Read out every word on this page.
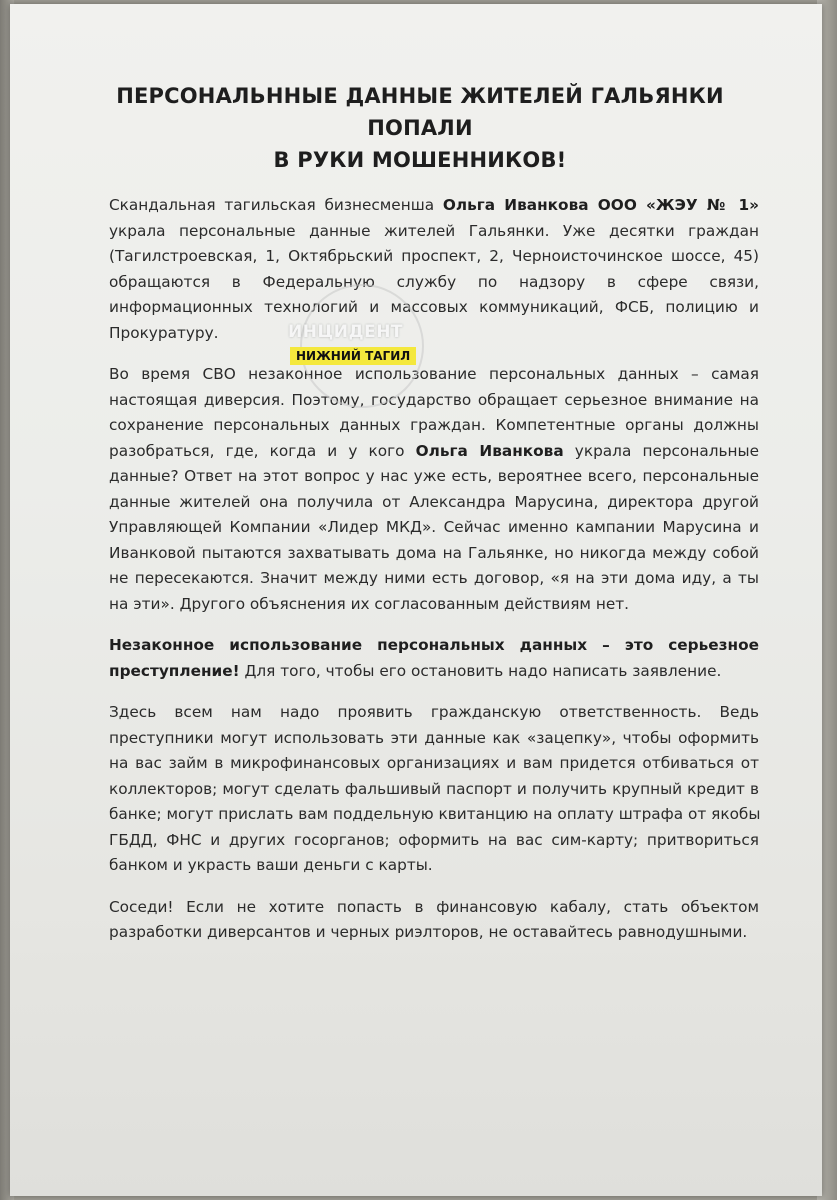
ПЕРСОНАЛЬННЫЕ ДАННЫЕ ЖИТЕЛЕЙ ГАЛЬЯНКИ ПОПАЛИ
В РУКИ МОШЕННИКОВ!
Скандальная тагильская бизнесменша Ольга Иванкова ООО «ЖЭУ № 1»
украла персональные данные жителей Гальянки. Уже десятки граждан
(Тагилстроевская, 1, Октябрьский проспект, 2, Черноисточинское шоссе, 45)
обращаются в Федеральную службу по надзору в сфере связи,
информационных технологий и массовых коммуникаций, ФСБ, полицию и
Прокуратуру.
Во время СВО незаконное использование персональных данных – самая
настоящая диверсия. Поэтому, государство обращает серьезное внимание на
сохранение персональных данных граждан. Компетентные органы должны
разобраться, где, когда и у кого Ольга Иванкова украла персональные
данные? Ответ на этот вопрос у нас уже есть, вероятнее всего, персональные
данные жителей она получила от Александра Марусина, директора другой
Управляющей Компании «Лидер МКД». Сейчас именно кампании Марусина и
Иванковой пытаются захватывать дома на Гальянке, но никогда между собой
не пересекаются. Значит между ними есть договор, «я на эти дома иду, а ты
на эти». Другого объяснения их согласованным действиям нет.
Незаконное использование персональных данных – это серьезное
преступление! Для того, чтобы его остановить надо написать заявление.
Здесь всем нам надо проявить гражданскую ответственность. Ведь
преступники могут использовать эти данные как «зацепку», чтобы оформить
на вас займ в микрофинансовых организациях и вам придется отбиваться от
коллекторов; могут сделать фальшивый паспорт и получить крупный кредит в
банке; могут прислать вам поддельную квитанцию на оплату штрафа от якобы
ГБДД, ФНС и других госорганов; оформить на вас сим-карту; притвориться
банком и украсть ваши деньги с карты.
Соседи! Если не хотите попасть в финансовую кабалу, стать объектом
разработки диверсантов и черных риэлторов, не оставайтесь равнодушными.
ИНЦИДЕНТ
НИЖНИЙ ТАГИЛ
